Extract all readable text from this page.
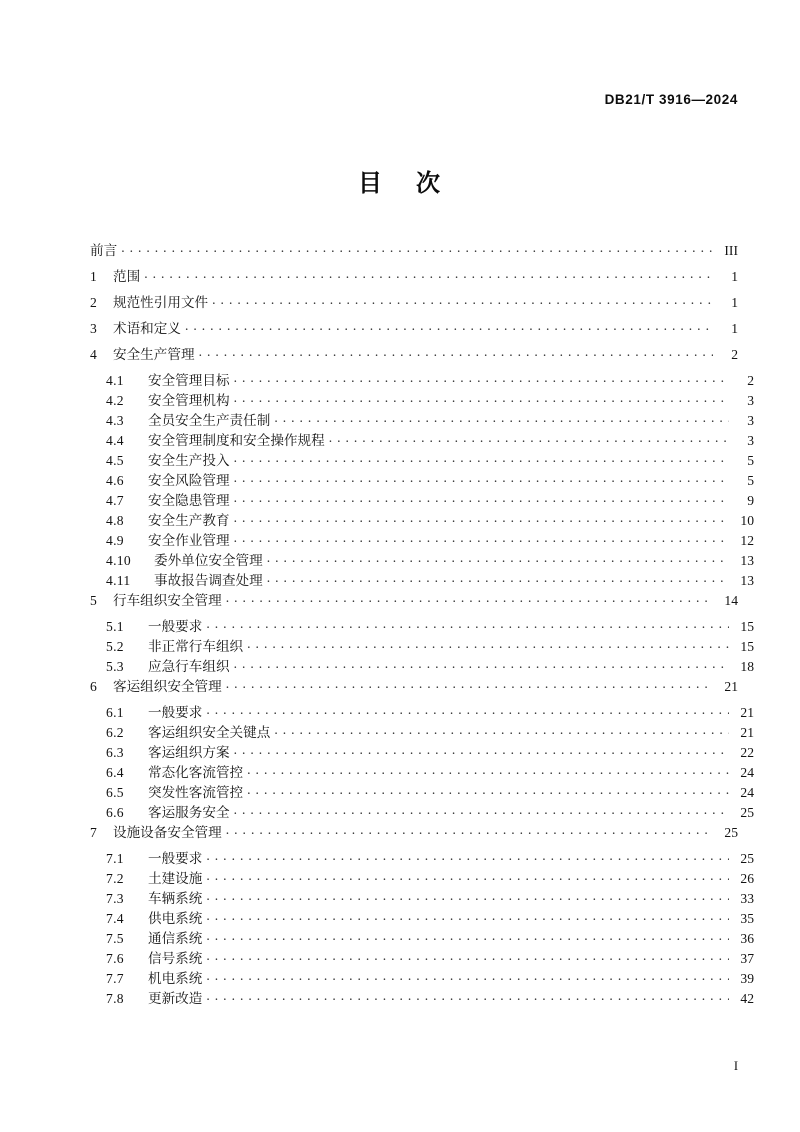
DB21/T 3916—2024
目    次
前言 . . .	III
1	范围 . . .	1
2	规范性引用文件 . . .	1
3	术语和定义 . . .	1
4	安全生产管理 . . .	2
4.1	安全管理目标 . . .	2
4.2	安全管理机构 . . .	3
4.3	全员安全生产责任制 . . .	3
4.4	安全管理制度和安全操作规程 . . .	3
4.5	安全生产投入 . . .	5
4.6	安全风险管理 . . .	5
4.7	安全隐患管理 . . .	9
4.8	安全生产教育 . . .	10
4.9	安全作业管理 . . .	12
4.10	委外单位安全管理 . . .	13
4.11	事故报告调查处理 . . .	13
5	行车组织安全管理 . . .	14
5.1	一般要求 . . .	15
5.2	非正常行车组织 . . .	15
5.3	应急行车组织 . . .	18
6	客运组织安全管理 . . .	21
6.1	一般要求 . . .	21
6.2	客运组织安全关键点 . . .	21
6.3	客运组织方案 . . .	22
6.4	常态化客流管控 . . .	24
6.5	突发性客流管控 . . .	24
6.6	客运服务安全 . . .	25
7	设施设备安全管理 . . .	25
7.1	一般要求 . . .	25
7.2	土建设施 . . .	26
7.3	车辆系统 . . .	33
7.4	供电系统 . . .	35
7.5	通信系统 . . .	36
7.6	信号系统 . . .	37
7.7	机电系统 . . .	39
7.8	更新改造 . . .	42
I
